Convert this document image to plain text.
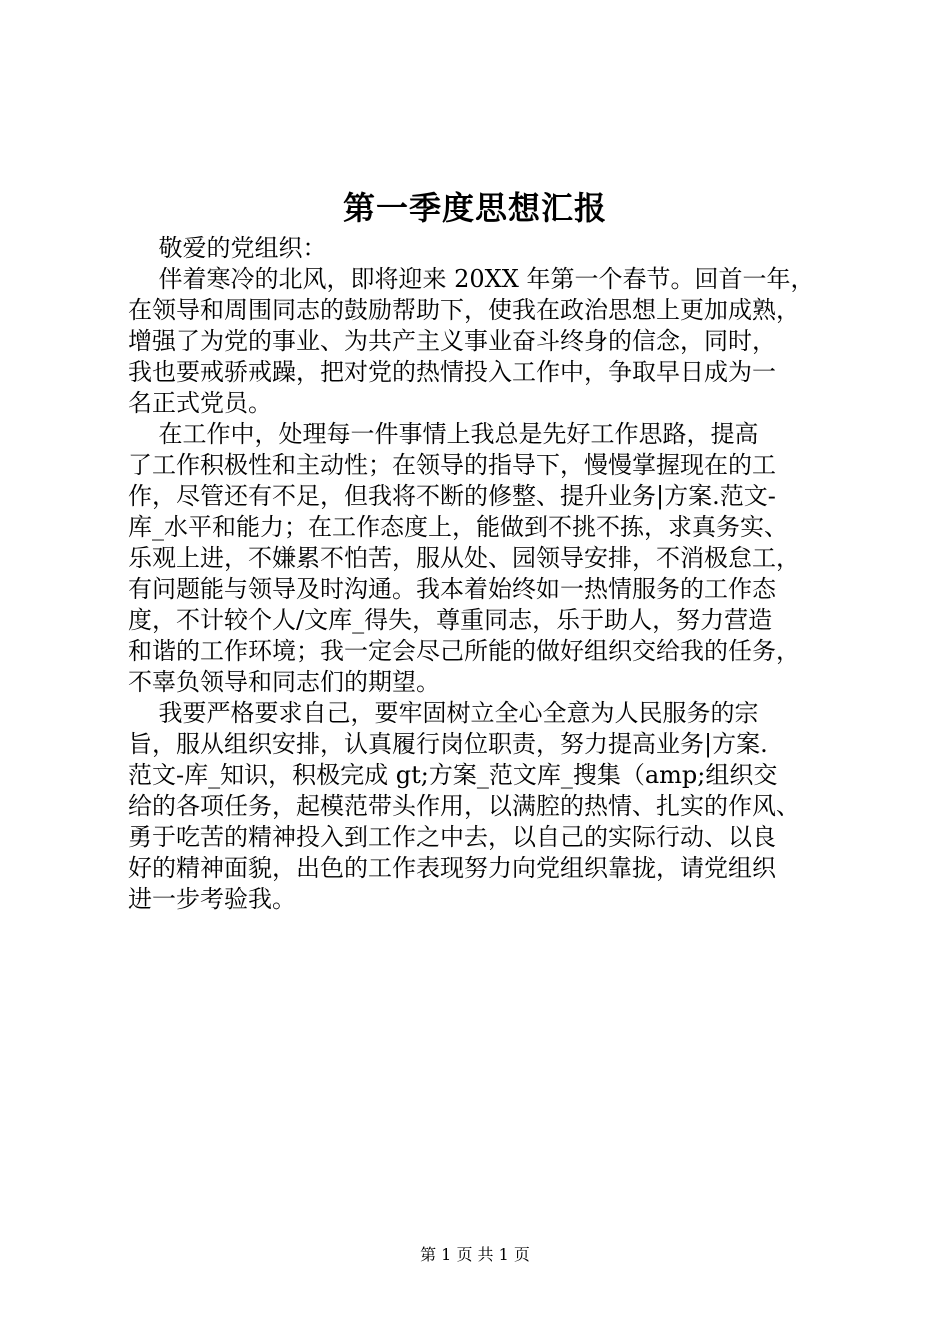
第一季度思想汇报
敬爱的党组织：
伴着寒冷的北风，即将迎来 20XX 年第一个春节。回首一年，
在领导和周围同志的鼓励帮助下，使我在政治思想上更加成熟，
增强了为党的事业、为共产主义事业奋斗终身的信念，同时，
我也要戒骄戒躁，把对党的热情投入工作中，争取早日成为一
名正式党员。
在工作中，处理每一件事情上我总是先好工作思路，提高
了工作积极性和主动性；在领导的指导下，慢慢掌握现在的工
作，尽管还有不足，但我将不断的修整、提升业务|方案.范文-
库_水平和能力；在工作态度上，能做到不挑不拣，求真务实、
乐观上进，不嫌累不怕苦，服从处、园领导安排，不消极怠工，
有问题能与领导及时沟通。我本着始终如一热情服务的工作态
度，不计较个人/文库_得失，尊重同志，乐于助人，努力营造
和谐的工作环境；我一定会尽己所能的做好组织交给我的任务，
不辜负领导和同志们的期望。
我要严格要求自己，要牢固树立全心全意为人民服务的宗
旨，服从组织安排，认真履行岗位职责，努力提高业务|方案.
范文-库_知识，积极完成 gt;方案_范文库_搜集（amp;组织交
给的各项任务，起模范带头作用，以满腔的热情、扎实的作风、
勇于吃苦的精神投入到工作之中去，以自己的实际行动、以良
好的精神面貌，出色的工作表现努力向党组织靠拢，请党组织
进一步考验我。
第 1 页 共 1 页
